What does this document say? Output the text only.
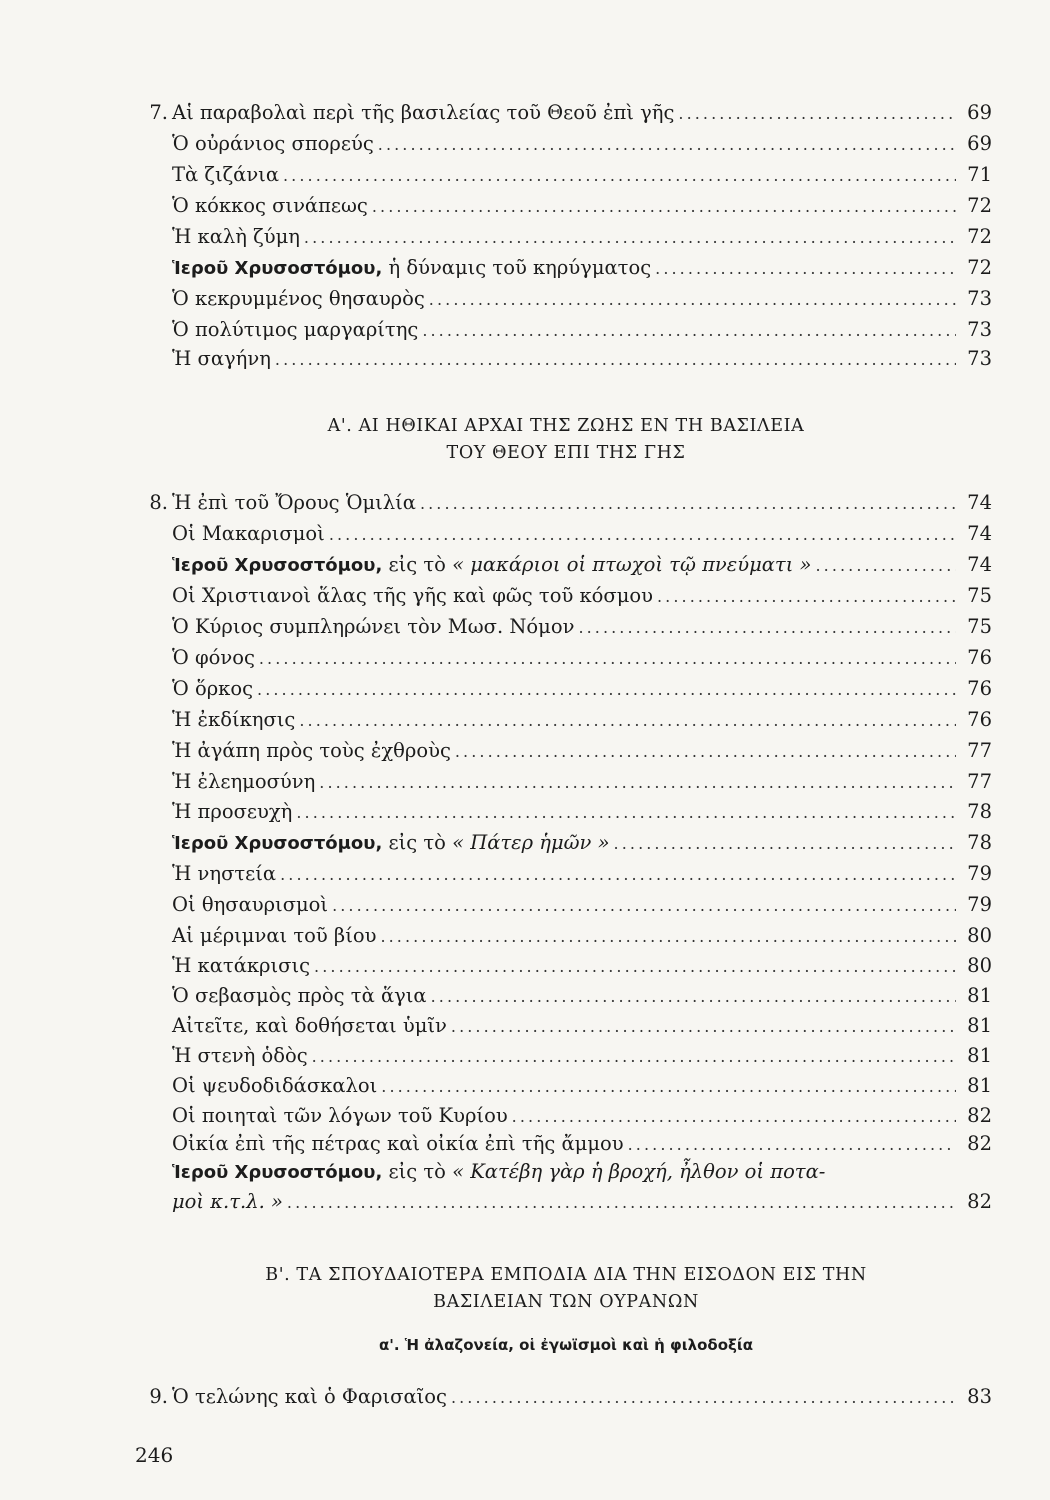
7. Αἱ παραβολαὶ περὶ τῆς βασιλείας τοῦ Θεοῦ ἐπὶ γῆς . . .	69
Ὁ οὐράνιος σπορεύς . . .	69
Τὰ ζιζάνια . . .	71
Ὁ κόκκος σινάπεως . . .	72
Ἡ καλὴ ζύμη . . .	72
Ἱεροῦ Χρυσοστόμου, ἡ δύναμις τοῦ κηρύγματος . . .	72
Ὁ κεκρυμμένος θησαυρὸς . . .	73
Ὁ πολύτιμος μαργαρίτης . . .	73
Ἡ σαγήνη . . .	73
Α'. ΑΙ ΗΘΙΚΑΙ ΑΡΧΑΙ ΤΗΣ ΖΩΗΣ ΕΝ ΤΗ ΒΑΣΙΛΕΙΑ
ΤΟΥ ΘΕΟΥ ΕΠΙ ΤΗΣ ΓΗΣ
8. Ἡ ἐπὶ τοῦ Ὄρους Ὁμιλία . . .	74
Οἱ Μακαρισμοὶ . . .	74
Ἱεροῦ Χρυσοστόμου, εἰς τὸ « μακάριοι οἱ πτωχοὶ τῷ πνεύματι » . . .	74
Οἱ Χριστιανοὶ ἅλας τῆς γῆς καὶ φῶς τοῦ κόσμου . . .	75
Ὁ Κύριος συμπληρώνει τὸν Μωσ. Νόμον . . .	75
Ὁ φόνος . . .	76
Ὁ ὅρκος . . .	76
Ἡ ἐκδίκησις . . .	76
Ἡ ἀγάπη πρὸς τοὺς ἐχθροὺς . . .	77
Ἡ ἐλεημοσύνη . . .	77
Ἡ προσευχὴ . . .	78
Ἱεροῦ Χρυσοστόμου, εἰς τὸ « Πάτερ ἡμῶν » . . .	78
Ἡ νηστεία . . .	79
Οἱ θησαυρισμοὶ . . .	79
Αἱ μέριμναι τοῦ βίου . . .	80
Ἡ κατάκρισις . . .	80
Ὁ σεβασμὸς πρὸς τὰ ἅγια . . .	81
Αἰτεῖτε, καὶ δοθήσεται ὑμῖν . . .	81
Ἡ στενὴ ὁδὸς . . .	81
Οἱ ψευδοδιδάσκαλοι . . .	81
Οἱ ποιηταὶ τῶν λόγων τοῦ Κυρίου . . .	82
Οἰκία ἐπὶ τῆς πέτρας καὶ οἰκία ἐπὶ τῆς ἄμμου . . .	82
Ἱεροῦ Χρυσοστόμου, εἰς τὸ « Κατέβη γὰρ ἡ βροχή, ἦλθον οἱ ποτα-
μοὶ κ.τ.λ. » . . .	82
Β'. ΤΑ ΣΠΟΥΔΑΙΟΤΕΡΑ ΕΜΠΟΔΙΑ ΔΙΑ ΤΗΝ ΕΙΣΟΔΟΝ ΕΙΣ ΤΗΝ
ΒΑΣΙΛΕΙΑΝ ΤΩΝ ΟΥΡΑΝΩΝ
α'. Ἡ ἀλαζονεία, οἱ ἐγωϊσμοὶ καὶ ἡ φιλοδοξία
9. Ὁ τελώνης καὶ ὁ Φαρισαῖος . . .	83
246
